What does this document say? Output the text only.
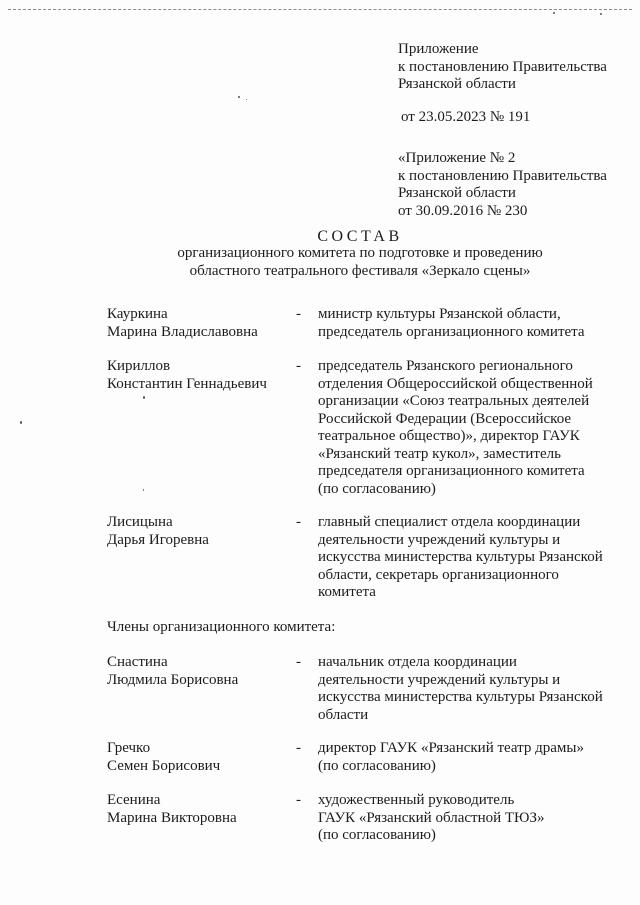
Приложение
к постановлению Правительства
Рязанской области
от 23.05.2023 № 191
«Приложение № 2
к постановлению Правительства
Рязанской области
от 30.09.2016 № 230
СОСТАВ
организационного комитета по подготовке и проведению
областного театрального фестиваля «Зеркало сцены»
Кауркина
Марина Владиславовна
- министр культуры Рязанской области,
председатель организационного комитета
Кириллов
Константин Геннадьевич
- председатель Рязанского регионального
отделения Общероссийской общественной
организации «Союз театральных деятелей
Российской Федерации (Всероссийское
театральное общество)», директор ГАУК
«Рязанский театр кукол», заместитель
председателя организационного комитета
(по согласованию)
Лисицына
Дарья Игоревна
- главный специалист отдела координации
деятельности учреждений культуры и
искусства министерства культуры Рязанской
области, секретарь организационного
комитета
Члены организационного комитета:
Снастина
Людмила Борисовна
- начальник отдела координации
деятельности учреждений культуры и
искусства министерства культуры Рязанской
области
Гречко
Семен Борисович
- директор ГАУК «Рязанский театр драмы»
(по согласованию)
Есенина
Марина Викторовна
- художественный руководитель
ГАУК «Рязанский областной ТЮЗ»
(по согласованию)
